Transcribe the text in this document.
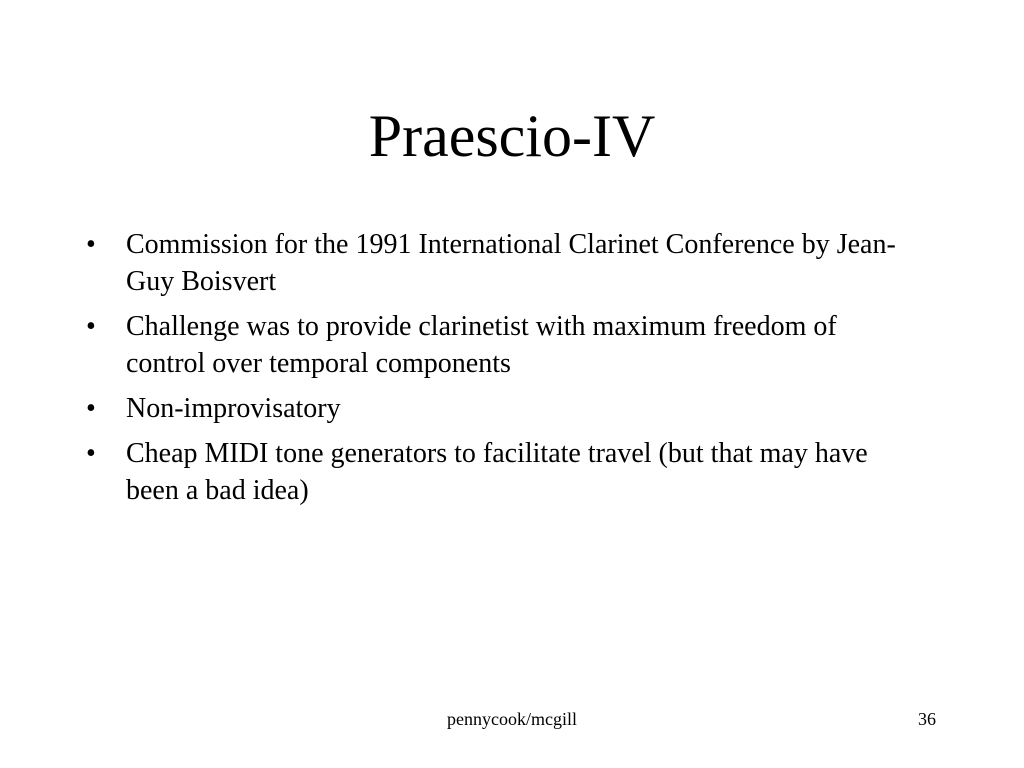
Praescio-IV
• Commission for the 1991 International Clarinet Conference by Jean-Guy Boisvert
• Challenge was to provide clarinetist with maximum freedom of control over temporal components
• Non-improvisatory
• Cheap MIDI tone generators to facilitate travel (but that may have been a bad idea)
pennycook/mcgill	36
